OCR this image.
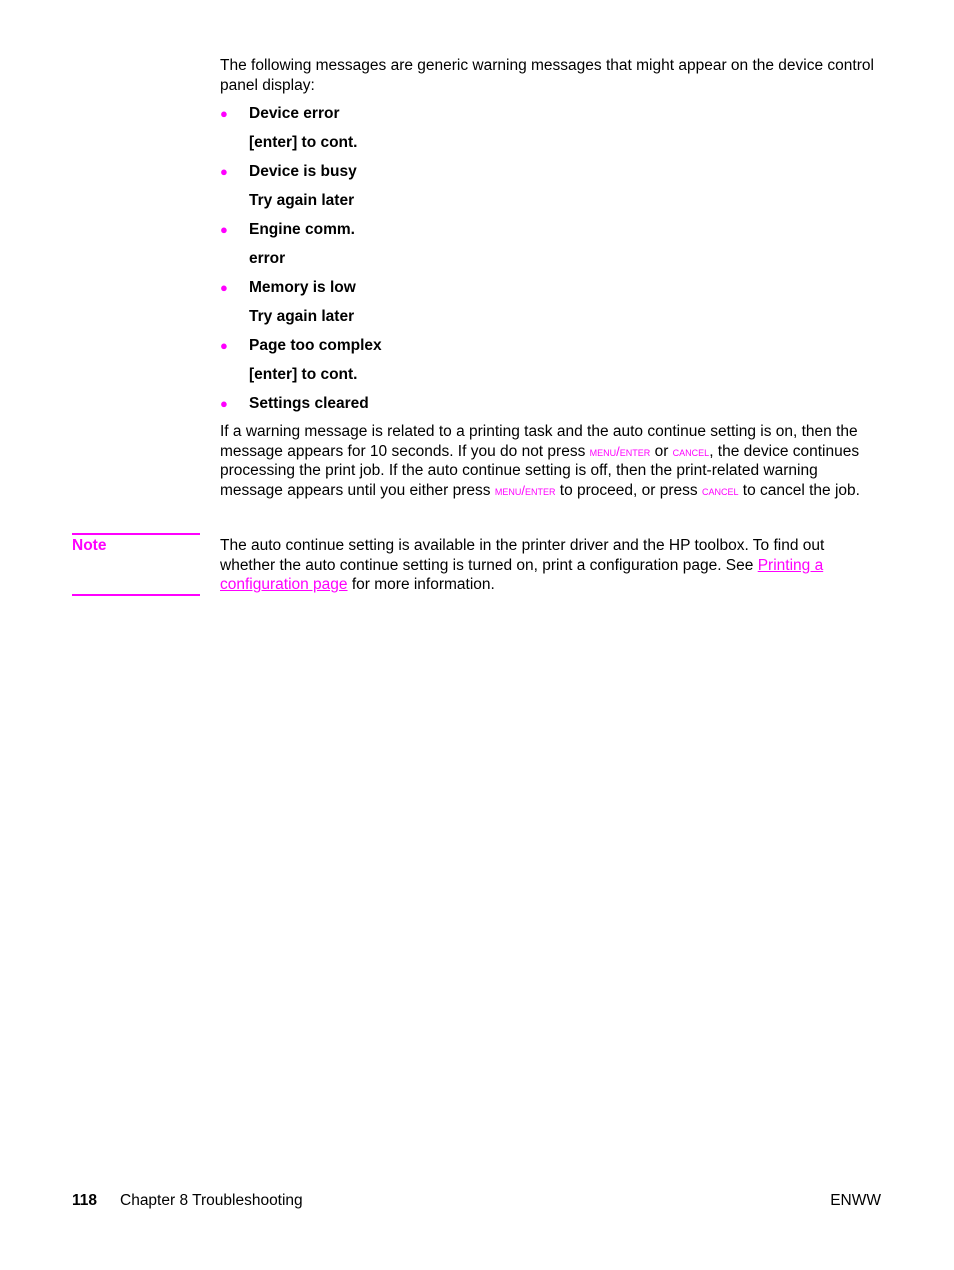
The following messages are generic warning messages that might appear on the device control panel display:
● Device error
[enter] to cont.
● Device is busy
Try again later
● Engine comm.
error
● Memory is low
Try again later
● Page too complex
[enter] to cont.
● Settings cleared
If a warning message is related to a printing task and the auto continue setting is on, then the message appears for 10 seconds. If you do not press menu/enter or cancel, the device continues processing the print job. If the auto continue setting is off, then the print-related warning message appears until you either press menu/enter to proceed, or press cancel to cancel the job.
Note	The auto continue setting is available in the printer driver and the HP toolbox. To find out whether the auto continue setting is turned on, print a configuration page. See Printing a configuration page for more information.
118 Chapter 8 Troubleshooting	ENWW
